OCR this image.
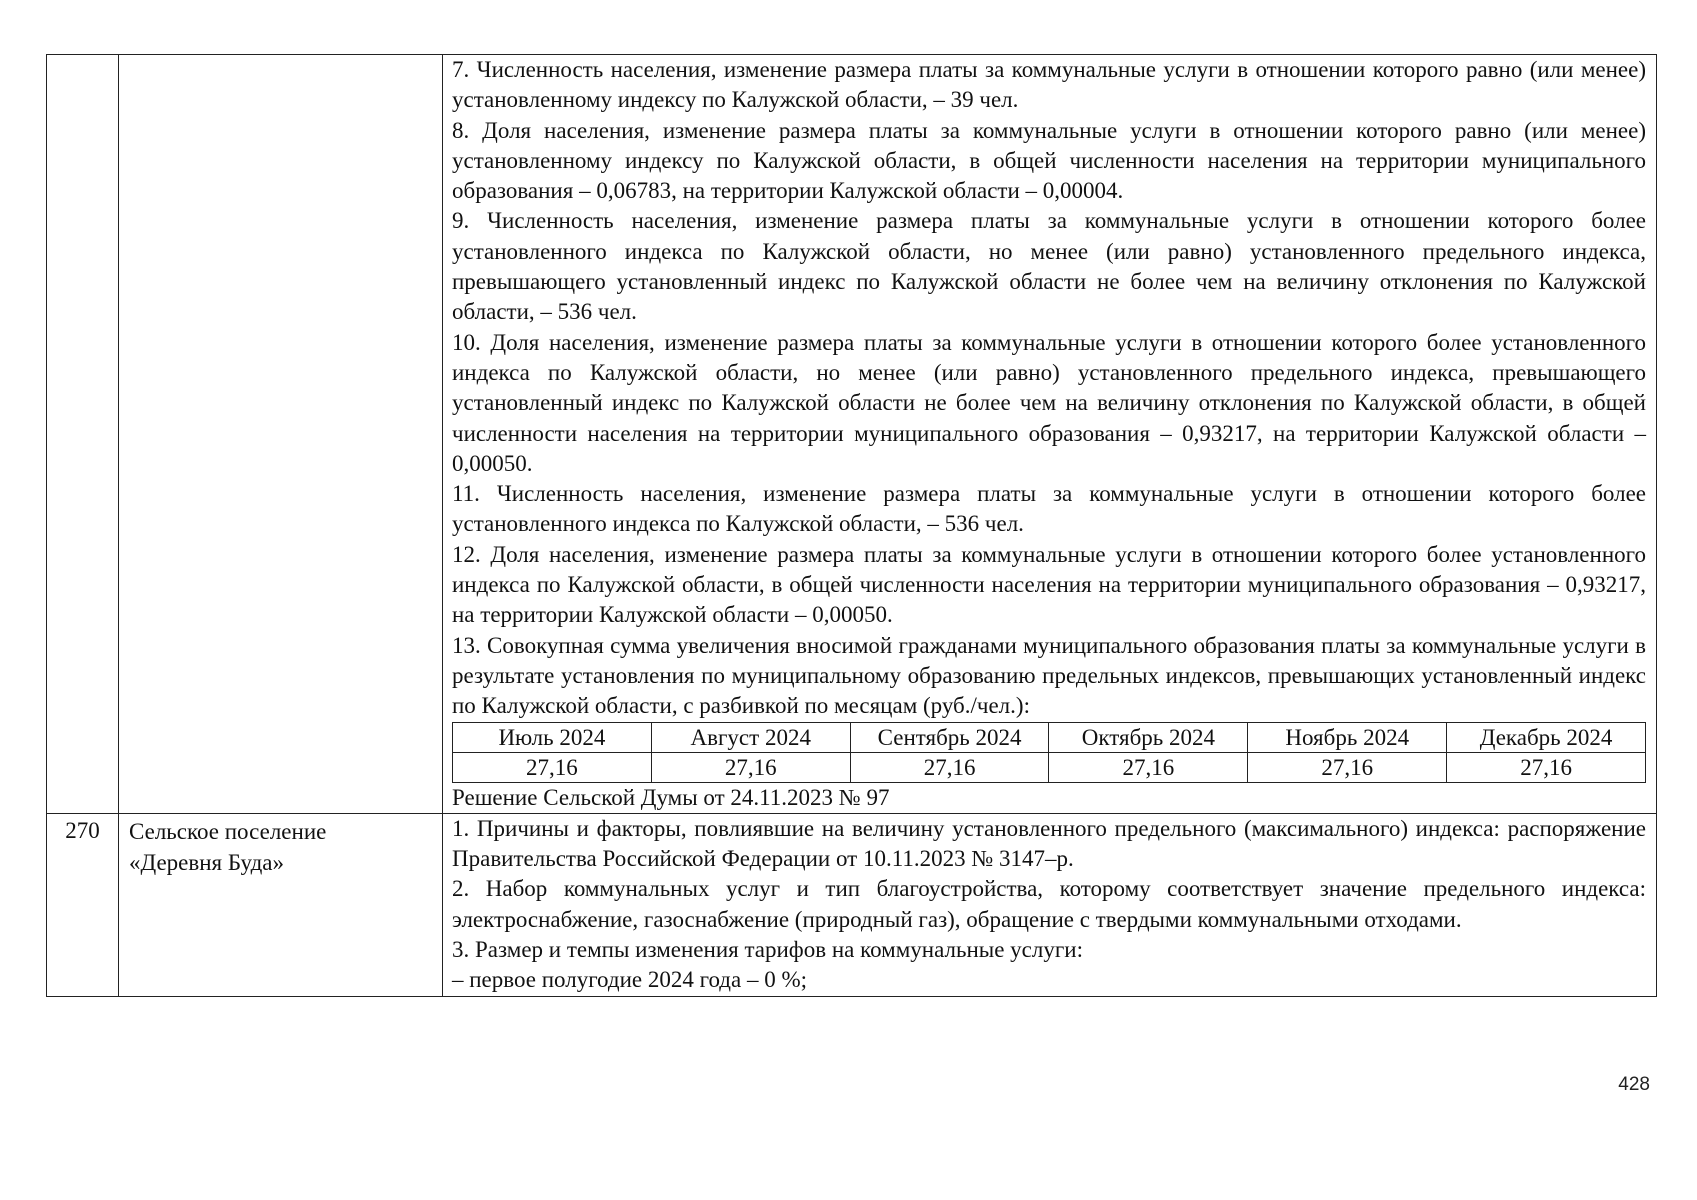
7. Численность населения, изменение размера платы за коммунальные услуги в отношении которого равно (или менее) установленному индексу по Калужской области, – 39 чел.

8. Доля населения, изменение размера платы за коммунальные услуги в отношении которого равно (или менее) установленному индексу по Калужской области, в общей численности населения на территории муниципального образования – 0,06783, на территории Калужской области – 0,00004.

9. Численность населения, изменение размера платы за коммунальные услуги в отношении которого более установленного индекса по Калужской области, но менее (или равно) установленного предельного индекса, превышающего установленный индекс по Калужской области не более чем на величину отклонения по Калужской области, – 536 чел.

10. Доля населения, изменение размера платы за коммунальные услуги в отношении которого более установленного индекса по Калужской области, но менее (или равно) установленного предельного индекса, превышающего установленный индекс по Калужской области не более чем на величину отклонения по Калужской области, в общей численности населения на территории муниципального образования – 0,93217, на территории Калужской области – 0,00050.

11. Численность населения, изменение размера платы за коммунальные услуги в отношении которого более установленного индекса по Калужской области, – 536 чел.

12. Доля населения, изменение размера платы за коммунальные услуги в отношении которого более установленного индекса по Калужской области, в общей численности населения на территории муниципального образования – 0,93217, на территории Калужской области – 0,00050.

13. Совокупная сумма увеличения вносимой гражданами муниципального образования платы за коммунальные услуги в результате установления по муниципальному образованию предельных индексов, превышающих установленный индекс по Калужской области, с разбивкой по месяцам (руб./чел.):

Июль 2024	Август 2024	Сентябрь 2024	Октябрь 2024	Ноябрь 2024	Декабрь 2024
27,16	27,16	27,16	27,16	27,16	27,16

Решение Сельской Думы от 24.11.2023 № 97

270	Сельское поселение
«Деревня Буда»

1. Причины и факторы, повлиявшие на величину установленного предельного (максимального) индекса: распоряжение Правительства Российской Федерации от 10.11.2023 № 3147–р.

2. Набор коммунальных услуг и тип благоустройства, которому соответствует значение предельного индекса: электроснабжение, газоснабжение (природный газ), обращение с твердыми коммунальными отходами.

3. Размер и темпы изменения тарифов на коммунальные услуги:

– первое полугодие 2024 года – 0 %;

428
